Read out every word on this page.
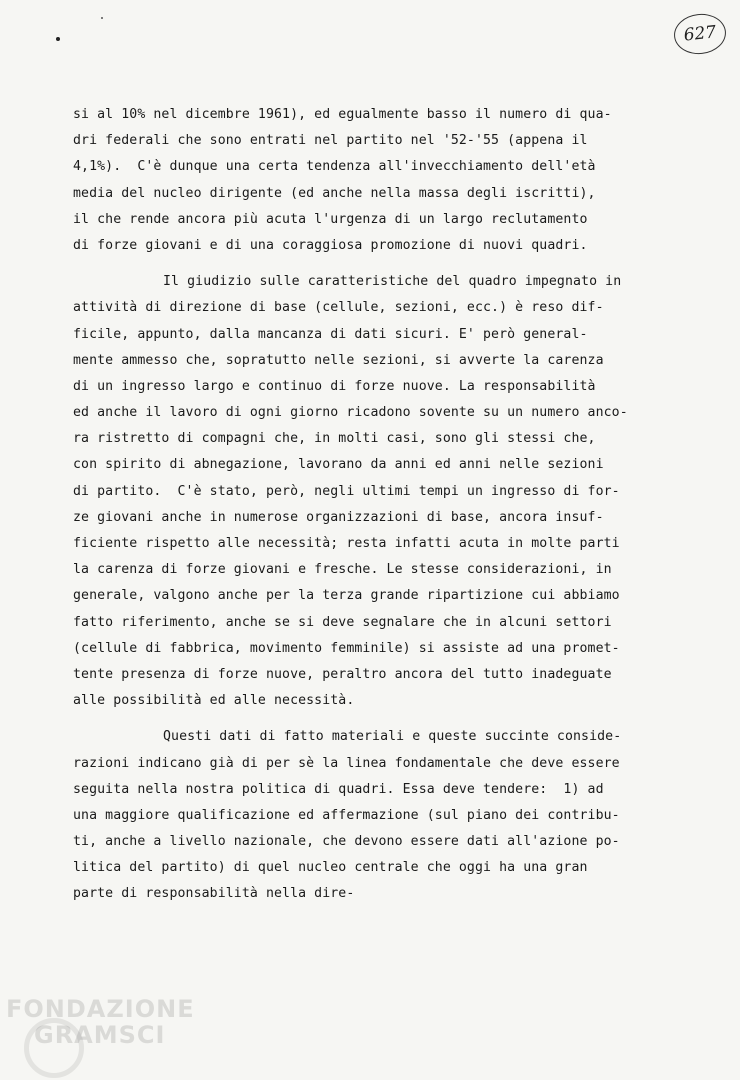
627
si al 10% nel dicembre 1961), ed egualmente basso il numero di qua-
dri federali che sono entrati nel partito nel '52-'55 (appena il
4,1%).  C'è dunque una certa tendenza all'invecchiamento dell'età
media del nucleo dirigente (ed anche nella massa degli iscritti),
il che rende ancora più acuta l'urgenza di un largo reclutamento
di forze giovani e di una coraggiosa promozione di nuovi quadri.
Il giudizio sulle caratteristiche del quadro impegnato in
attività di direzione di base (cellule, sezioni, ecc.) è reso dif-
ficile, appunto, dalla mancanza di dati sicuri. E' però general-
mente ammesso che, sopratutto nelle sezioni, si avverte la carenza
di un ingresso largo e continuo di forze nuove. La responsabilità
ed anche il lavoro di ogni giorno ricadono sovente su un numero anco-
ra ristretto di compagni che, in molti casi, sono gli stessi che,
con spirito di abnegazione, lavorano da anni ed anni nelle sezioni
di partito.  C'è stato, però, negli ultimi tempi un ingresso di for-
ze giovani anche in numerose organizzazioni di base, ancora insuf-
ficiente rispetto alle necessità; resta infatti acuta in molte parti
la carenza di forze giovani e fresche. Le stesse considerazioni, in
generale, valgono anche per la terza grande ripartizione cui abbiamo
fatto riferimento, anche se si deve segnalare che in alcuni settori
(cellule di fabbrica, movimento femminile) si assiste ad una promet-
tente presenza di forze nuove, peraltro ancora del tutto inadeguate
alle possibilità ed alle necessità.
Questi dati di fatto materiali e queste succinte conside-
razioni indicano già di per sè la linea fondamentale che deve essere
seguita nella nostra politica di quadri. Essa deve tendere:  1) ad
una maggiore qualificazione ed affermazione (sul piano dei contribu-
ti, anche a livello nazionale, che devono essere dati all'azione po-
litica del partito) di quel nucleo centrale che oggi ha una gran
parte di responsabilità nella dire-
FONDAZIONE
GRAMSCI
